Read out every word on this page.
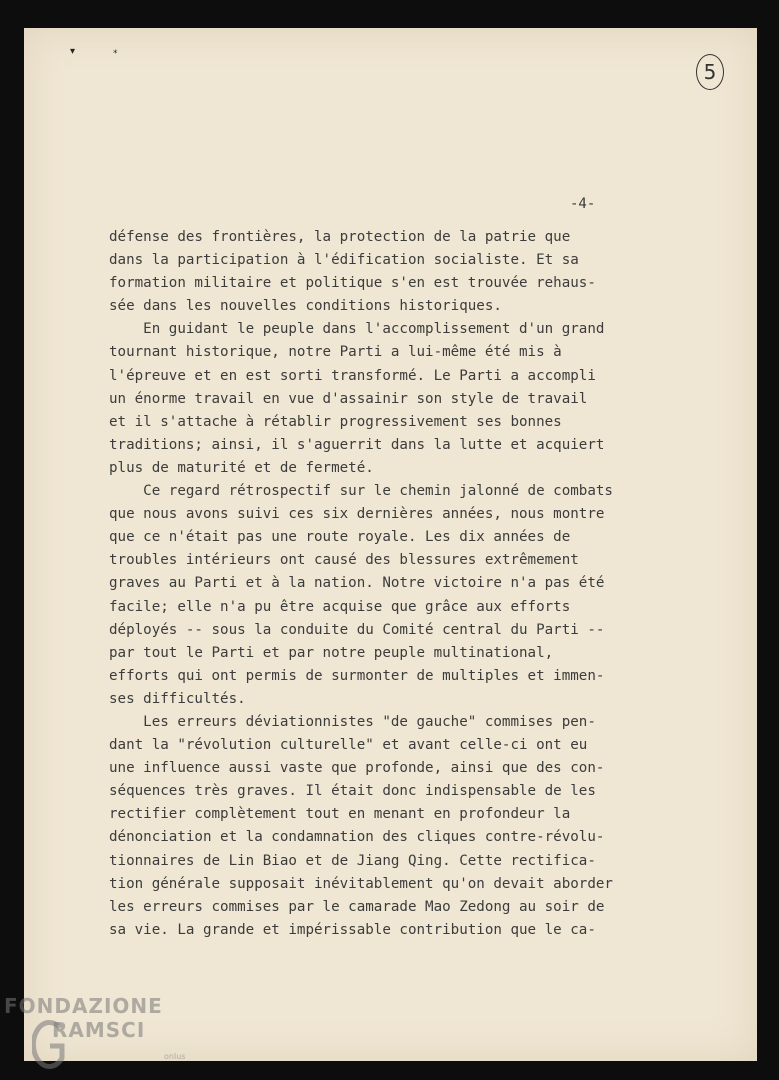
▾	⁎
5
-4-
défense des frontières, la protection de la patrie que
dans la participation à l'édification socialiste. Et sa
formation militaire et politique s'en est trouvée rehaus-
sée dans les nouvelles conditions historiques.
En guidant le peuple dans l'accomplissement d'un grand
tournant historique, notre Parti a lui-même été mis à
l'épreuve et en est sorti transformé. Le Parti a accompli
un énorme travail en vue d'assainir son style de travail
et il s'attache à rétablir progressivement ses bonnes
traditions; ainsi, il s'aguerrit dans la lutte et acquiert
plus de maturité et de fermeté.
Ce regard rétrospectif sur le chemin jalonné de combats
que nous avons suivi ces six dernières années, nous montre
que ce n'était pas une route royale. Les dix années de
troubles intérieurs ont causé des blessures extrêmement
graves au Parti et à la nation. Notre victoire n'a pas été
facile; elle n'a pu être acquise que grâce aux efforts
déployés -- sous la conduite du Comité central du Parti --
par tout le Parti et par notre peuple multinational,
efforts qui ont permis de surmonter de multiples et immen-
ses difficultés.
Les erreurs déviationnistes "de gauche" commises pen-
dant la "révolution culturelle" et avant celle-ci ont eu
une influence aussi vaste que profonde, ainsi que des con-
séquences très graves. Il était donc indispensable de les
rectifier complètement tout en menant en profondeur la
dénonciation et la condamnation des cliques contre-révolu-
tionnaires de Lin Biao et de Jiang Qing. Cette rectifica-
tion générale supposait inévitablement qu'on devait aborder
les erreurs commises par le camarade Mao Zedong au soir de
sa vie. La grande et impérissable contribution que le ca-
FONDAZIONE
RAMSCI
onlus
